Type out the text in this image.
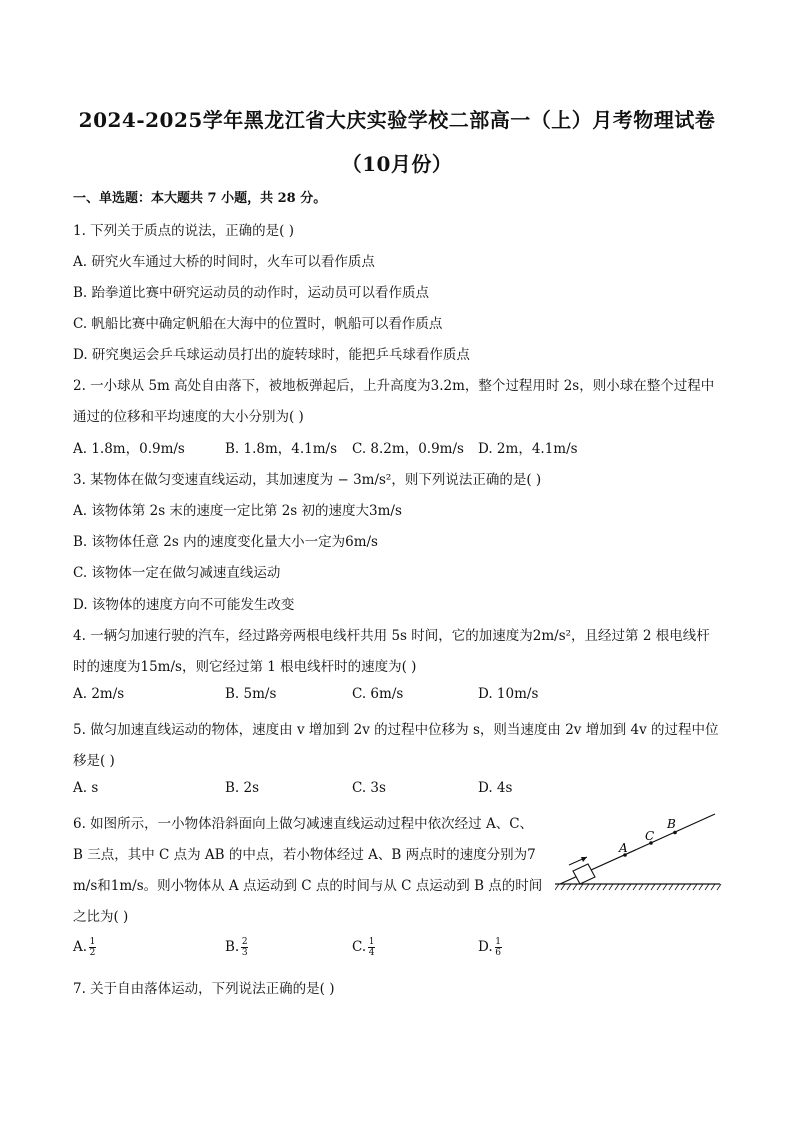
2024-2025学年黑龙江省大庆实验学校二部高一（上）月考物理试卷
（10月份）
一、单选题：本大题共 7 小题，共 28 分。
1. 下列关于质点的说法，正确的是( )
A. 研究火车通过大桥的时间时，火车可以看作质点
B. 跆拳道比赛中研究运动员的动作时，运动员可以看作质点
C. 帆船比赛中确定帆船在大海中的位置时，帆船可以看作质点
D. 研究奥运会乒乓球运动员打出的旋转球时，能把乒乓球看作质点
2. 一小球从 5m 高处自由落下，被地板弹起后，上升高度为3.2m，整个过程用时 2s，则小球在整个过程中
通过的位移和平均速度的大小分别为( )
A. 1.8m，0.9m/s	B. 1.8m，4.1m/s C. 8.2m，0.9m/s D. 2m，4.1m/s
3. 某物体在做匀变速直线运动，其加速度为 − 3m/s²，则下列说法正确的是( )
A. 该物体第 2s 末的速度一定比第 2s 初的速度大3m/s
B. 该物体任意 2s 内的速度变化量大小一定为6m/s
C. 该物体一定在做匀减速直线运动
D. 该物体的速度方向不可能发生改变
4. 一辆匀加速行驶的汽车，经过路旁两根电线杆共用 5s 时间，它的加速度为2m/s²，且经过第 2 根电线杆
时的速度为15m/s，则它经过第 1 根电线杆时的速度为( )
A. 2m/s	B. 5m/s	C. 6m/s	D. 10m/s
5. 做匀加速直线运动的物体，速度由 v 增加到 2v 的过程中位移为 s，则当速度由 2v 增加到 4v 的过程中位
移是( )
A. s	B. 2s	C. 3s	D. 4s
6. 如图所示，一小物体沿斜面向上做匀减速直线运动过程中依次经过 A、C、
B 三点，其中 C 点为 AB 的中点，若小物体经过 A、B 两点时的速度分别为7
m/s和1m/s。则小物体从 A 点运动到 C 点的时间与从 C 点运动到 B 点的时间
之比为( )
A
C
B
A. $\frac{1}{2}$	B. $\frac{2}{3}$	C. $\frac{1}{4}$	D. $\frac{1}{6}$
7. 关于自由落体运动，下列说法正确的是( )
